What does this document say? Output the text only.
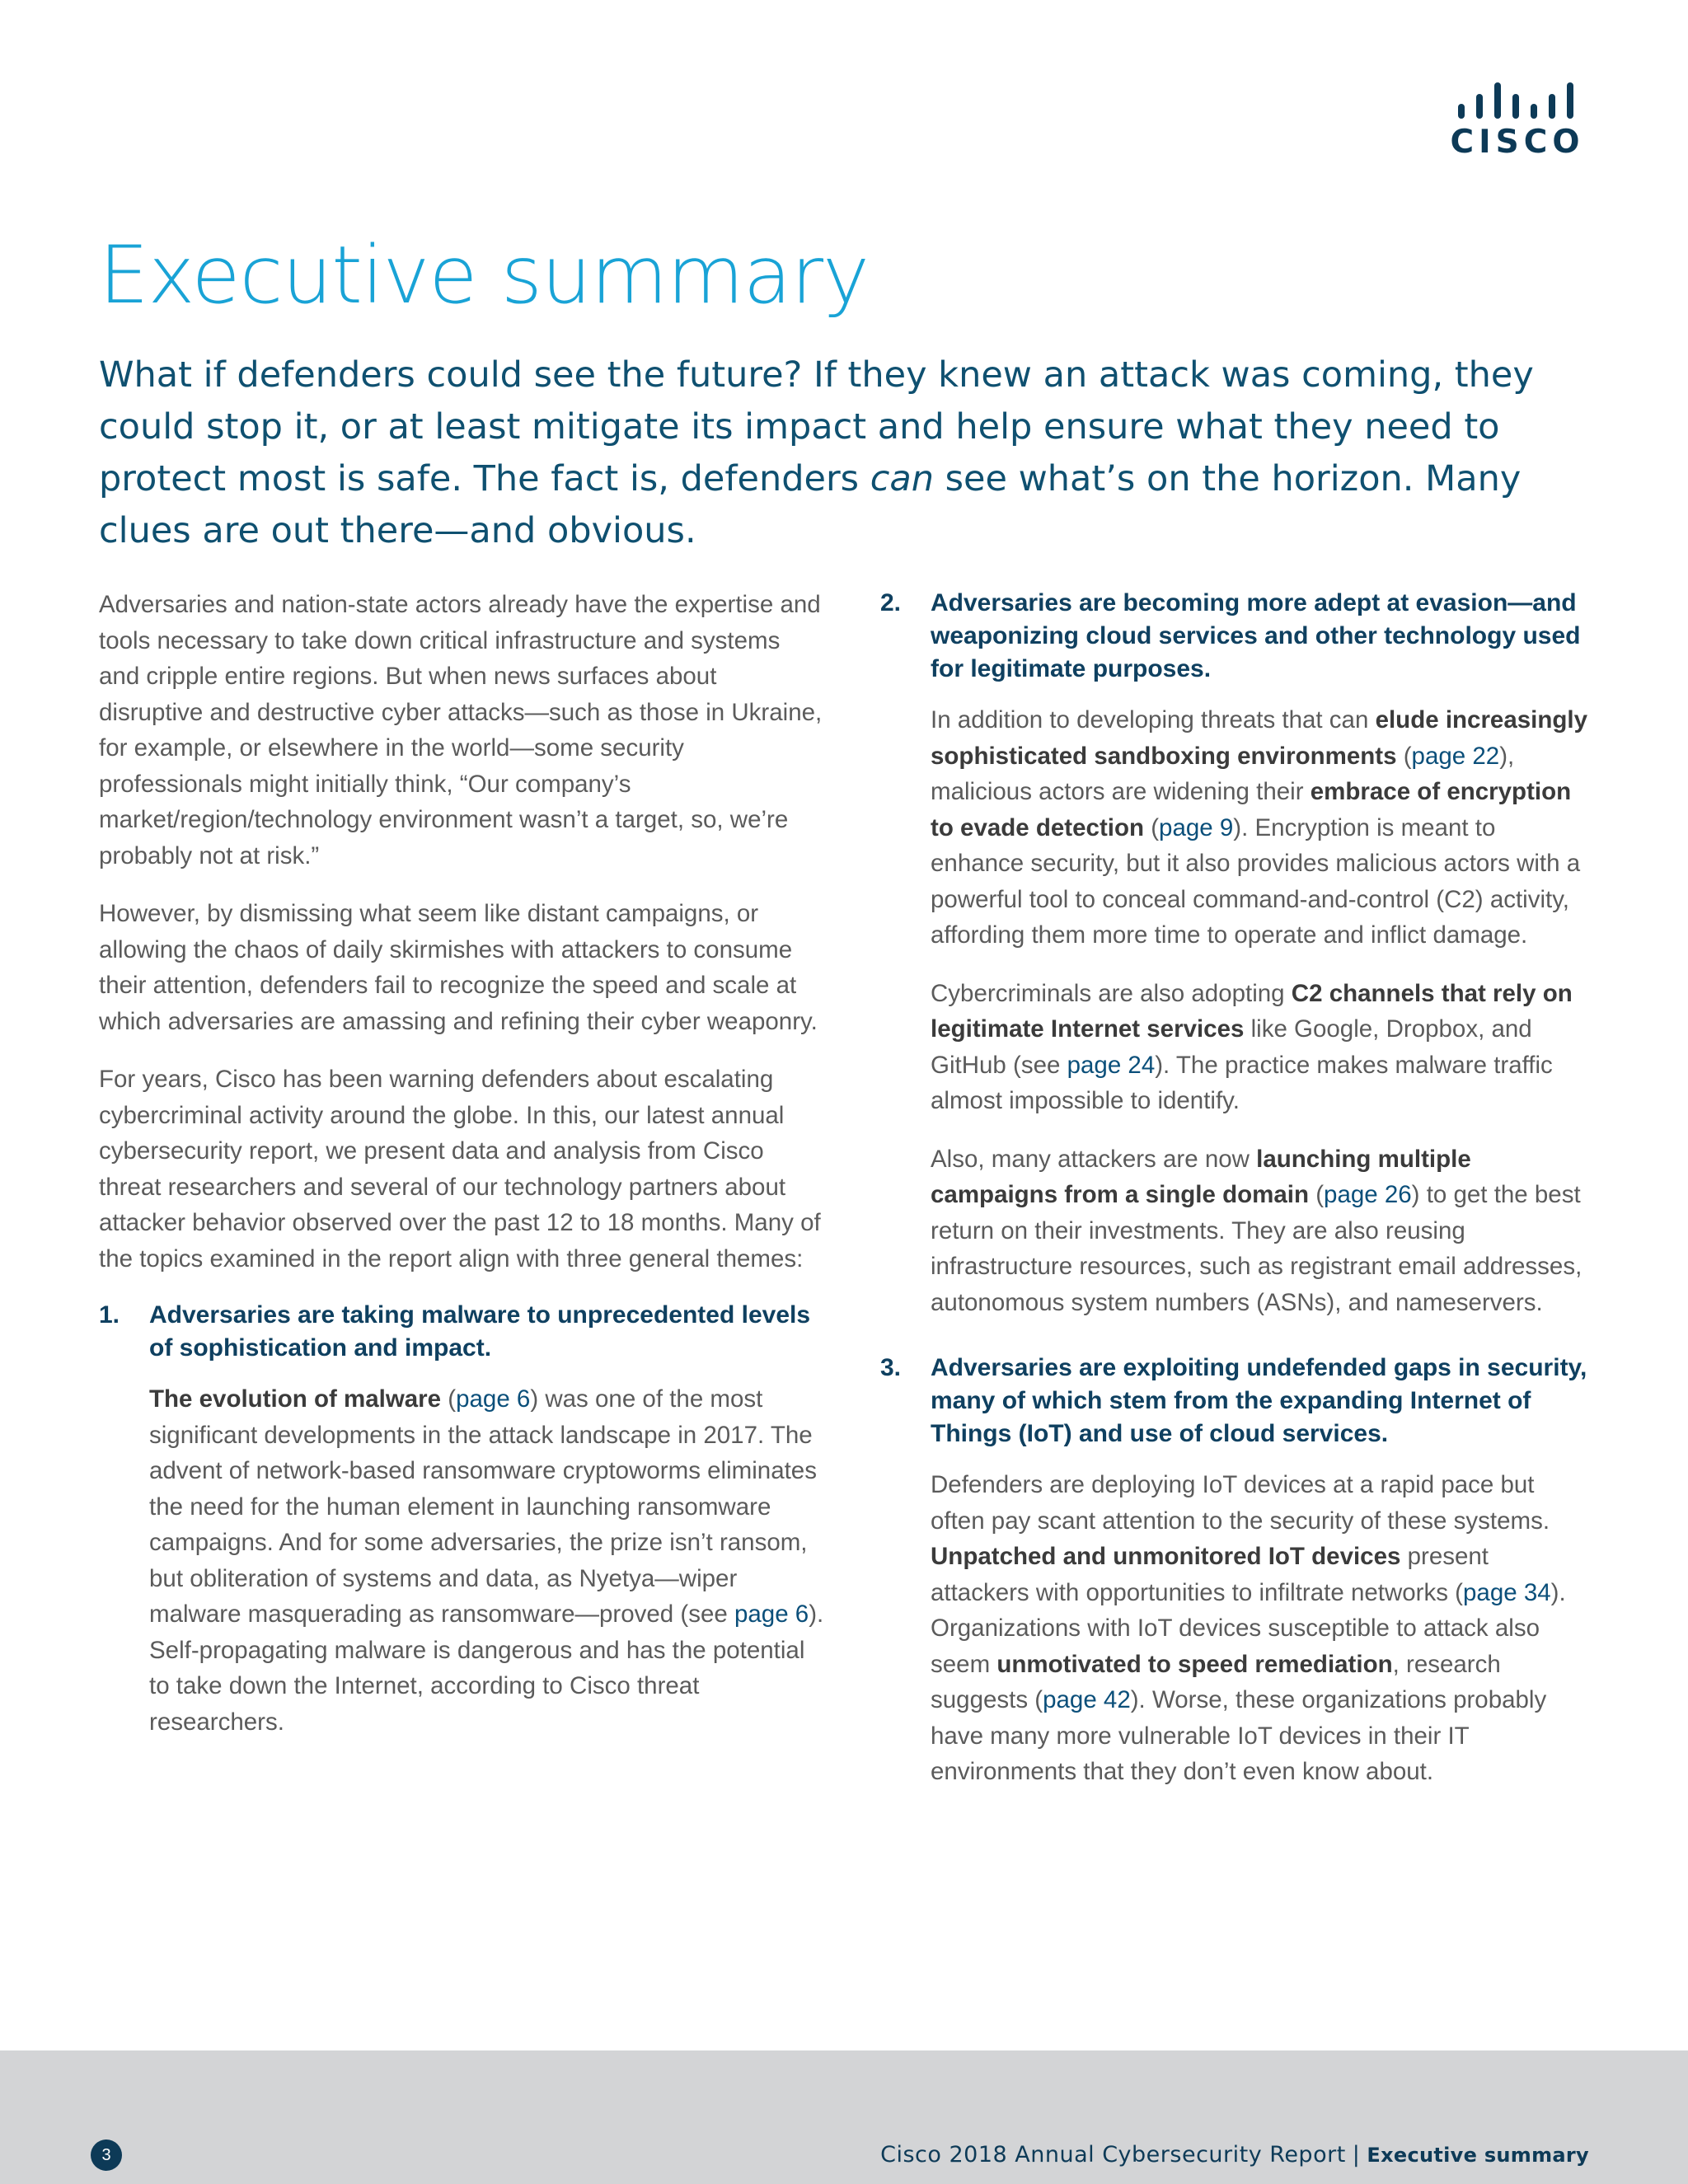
CISCO
Executive summary

What if defenders could see the future? If they knew an attack was coming, they could stop it, or at least mitigate its impact and help ensure what they need to protect most is safe. The fact is, defenders can see what’s on the horizon. Many clues are out there—and obvious.

Adversaries and nation-state actors already have the expertise and tools necessary to take down critical infrastructure and systems and cripple entire regions. But when news surfaces about disruptive and destructive cyber attacks—such as those in Ukraine, for example, or elsewhere in the world—some security professionals might initially think, “Our company’s market/region/technology environment wasn’t a target, so, we’re probably not at risk.”

However, by dismissing what seem like distant campaigns, or allowing the chaos of daily skirmishes with attackers to consume their attention, defenders fail to recognize the speed and scale at which adversaries are amassing and refining their cyber weaponry.

For years, Cisco has been warning defenders about escalating cybercriminal activity around the globe. In this, our latest annual cybersecurity report, we present data and analysis from Cisco threat researchers and several of our technology partners about attacker behavior observed over the past 12 to 18 months. Many of the topics examined in the report align with three general themes:

1. Adversaries are taking malware to unprecedented levels of sophistication and impact.

The evolution of malware (page 6) was one of the most significant developments in the attack landscape in 2017. The advent of network-based ransomware cryptoworms eliminates the need for the human element in launching ransomware campaigns. And for some adversaries, the prize isn’t ransom, but obliteration of systems and data, as Nyetya—wiper malware masquerading as ransomware—proved (see page 6). Self-propagating malware is dangerous and has the potential to take down the Internet, according to Cisco threat researchers.

2. Adversaries are becoming more adept at evasion—and weaponizing cloud services and other technology used for legitimate purposes.

In addition to developing threats that can elude increasingly sophisticated sandboxing environments (page 22), malicious actors are widening their embrace of encryption to evade detection (page 9). Encryption is meant to enhance security, but it also provides malicious actors with a powerful tool to conceal command-and-control (C2) activity, affording them more time to operate and inflict damage.

Cybercriminals are also adopting C2 channels that rely on legitimate Internet services like Google, Dropbox, and GitHub (see page 24). The practice makes malware traffic almost impossible to identify.

Also, many attackers are now launching multiple campaigns from a single domain (page 26) to get the best return on their investments. They are also reusing infrastructure resources, such as registrant email addresses, autonomous system numbers (ASNs), and nameservers.

3. Adversaries are exploiting undefended gaps in security, many of which stem from the expanding Internet of Things (IoT) and use of cloud services.

Defenders are deploying IoT devices at a rapid pace but often pay scant attention to the security of these systems. Unpatched and unmonitored IoT devices present attackers with opportunities to infiltrate networks (page 34). Organizations with IoT devices susceptible to attack also seem unmotivated to speed remediation, research suggests (page 42). Worse, these organizations probably have many more vulnerable IoT devices in their IT environments that they don’t even know about.

3	Cisco 2018 Annual Cybersecurity Report | Executive summary
